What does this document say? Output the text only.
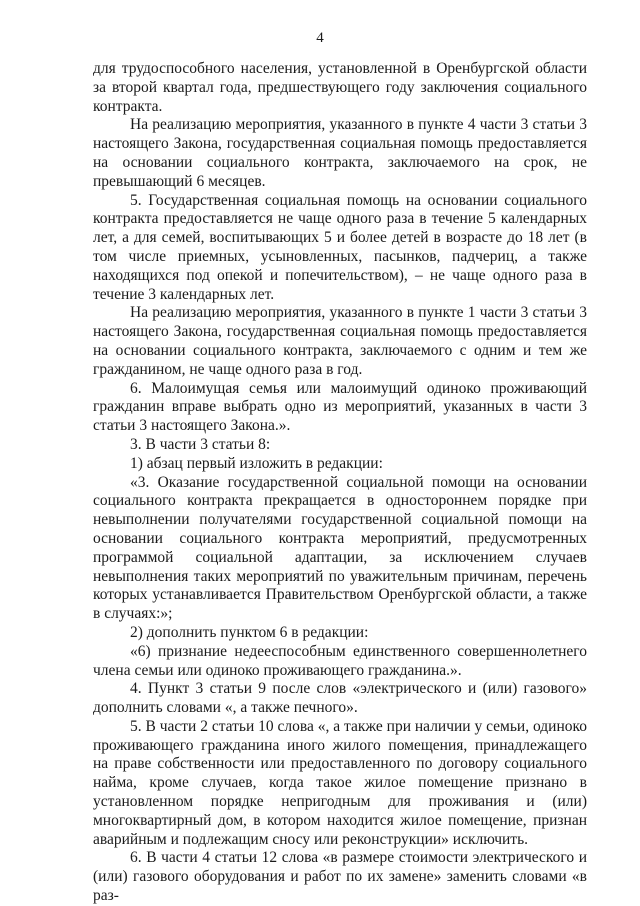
4

для трудоспособного населения, установленной в Оренбургской области за второй квартал года, предшествующего году заключения социального контракта.

На реализацию мероприятия, указанного в пункте 4 части 3 статьи 3 настоящего Закона, государственная социальная помощь предоставляется на основании социального контракта, заключаемого на срок, не превышающий 6 месяцев.

5. Государственная социальная помощь на основании социального контракта предоставляется не чаще одного раза в течение 5 календарных лет, а для семей, воспитывающих 5 и более детей в возрасте до 18 лет (в том числе приемных, усыновленных, пасынков, падчериц, а также находящихся под опекой и попечительством), – не чаще одного раза в течение 3 календарных лет.

На реализацию мероприятия, указанного в пункте 1 части 3 статьи 3 настоящего Закона, государственная социальная помощь предоставляется на основании социального контракта, заключаемого с одним и тем же гражданином, не чаще одного раза в год.

6. Малоимущая семья или малоимущий одиноко проживающий гражданин вправе выбрать одно из мероприятий, указанных в части 3 статьи 3 настоящего Закона.».

3. В части 3 статьи 8:

1) абзац первый изложить в редакции:

«3. Оказание государственной социальной помощи на основании социального контракта прекращается в одностороннем порядке при невыполнении получателями государственной социальной помощи на основании социального контракта мероприятий, предусмотренных программой социальной адаптации, за исключением случаев невыполнения таких мероприятий по уважительным причинам, перечень которых устанавливается Правительством Оренбургской области, а также в случаях:»;

2) дополнить пунктом 6 в редакции:

«6) признание недееспособным единственного совершеннолетнего члена семьи или одиноко проживающего гражданина.».

4. Пункт 3 статьи 9 после слов «электрического и (или) газового» дополнить словами «, а также печного».

5. В части 2 статьи 10 слова «, а также при наличии у семьи, одиноко проживающего гражданина иного жилого помещения, принадлежащего на праве собственности или предоставленного по договору социального найма, кроме случаев, когда такое жилое помещение признано в установленном порядке непригодным для проживания и (или) многоквартирный дом, в котором находится жилое помещение, признан аварийным и подлежащим сносу или реконструкции» исключить.

6. В части 4 статьи 12 слова «в размере стоимости электрического и (или) газового оборудования и работ по их замене» заменить словами «в раз-
